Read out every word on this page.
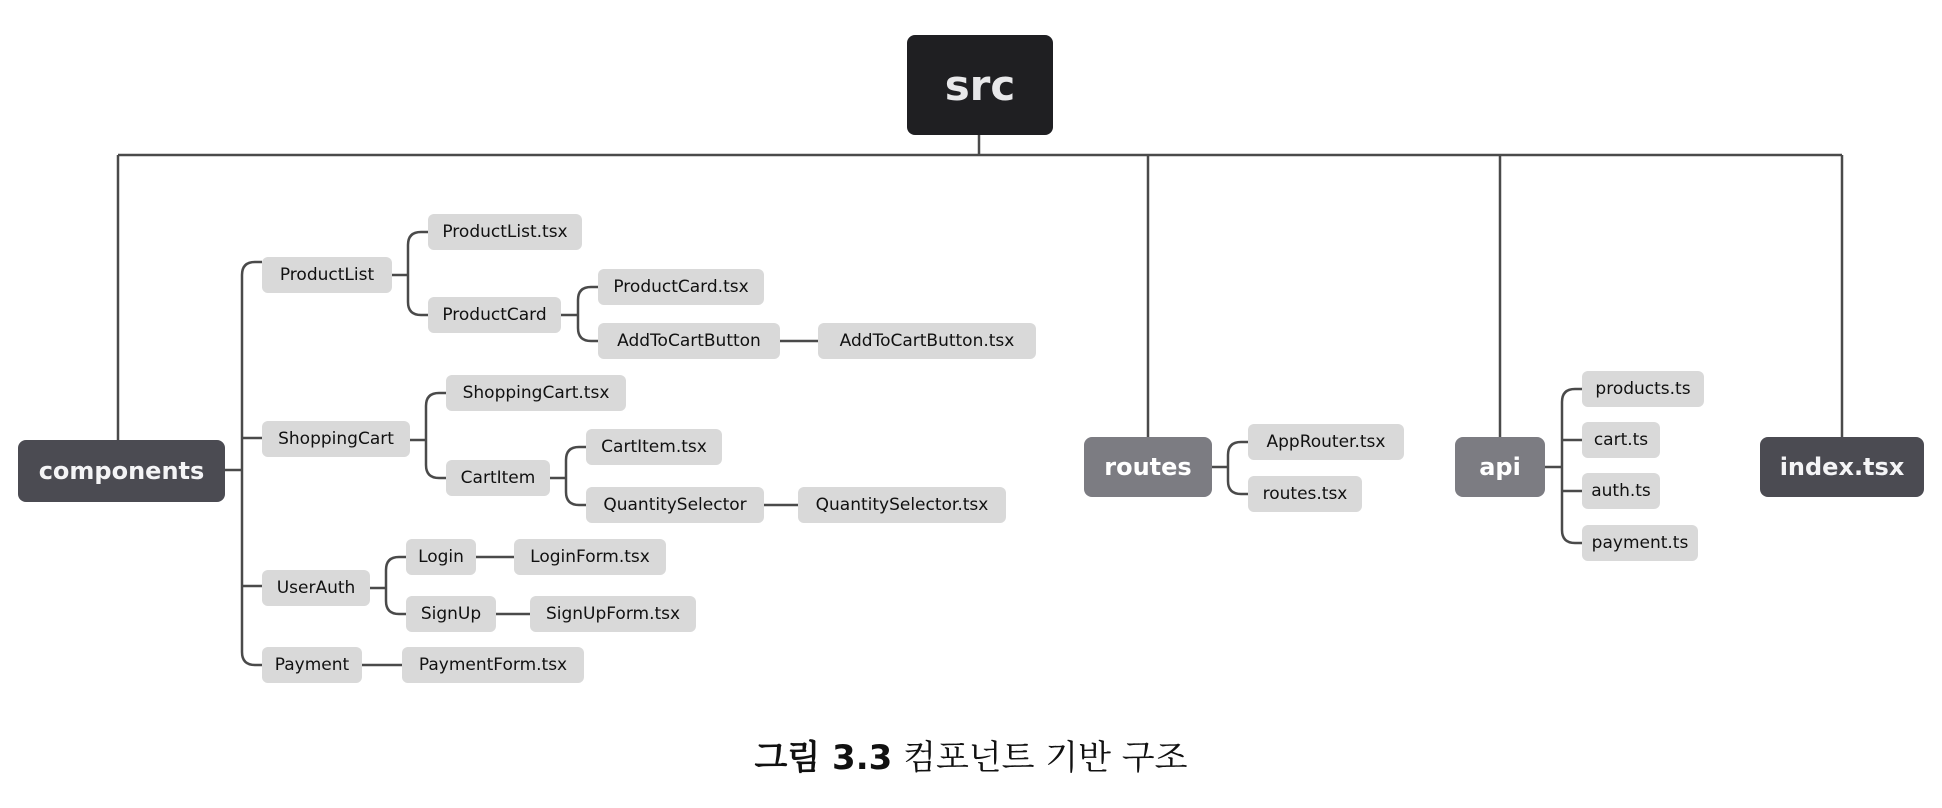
src
components
ProductList
ProductList.tsx
ProductCard
ProductCard.tsx
AddToCartButton	AddToCartButton.tsx
ShoppingCart
ShoppingCart.tsx
CartItem
CartItem.tsx
QuantitySelector	QuantitySelector.tsx
UserAuth
Login	LoginForm.tsx
SignUp	SignUpForm.tsx
Payment	PaymentForm.tsx
routes
AppRouter.tsx
routes.tsx
api
products.ts
cart.ts
auth.ts
payment.ts
index.tsx
그림 3.3 컴포넌트 기반 구조
